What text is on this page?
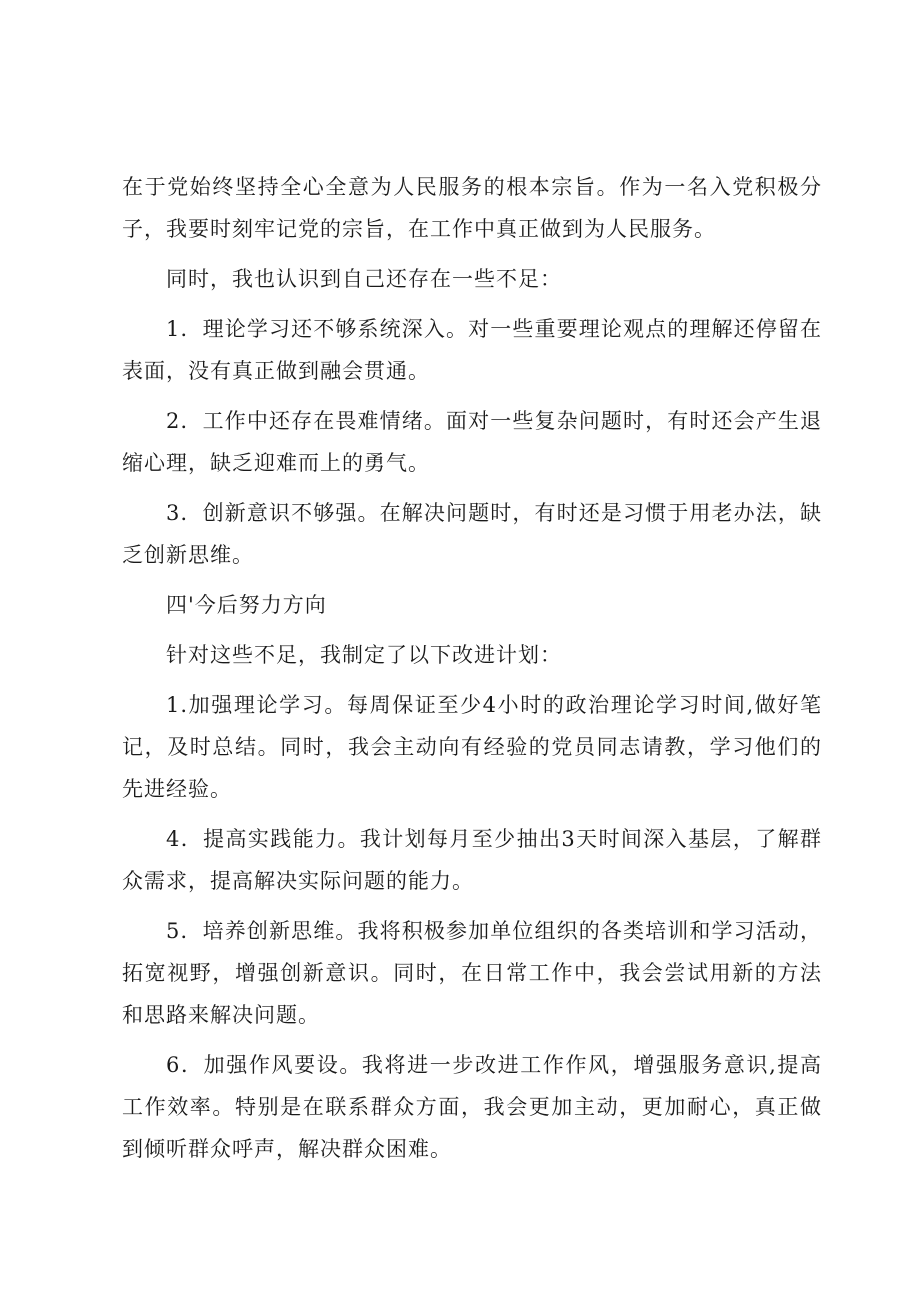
在于党始终坚持全心全意为人民服务的根本宗旨。作为一名入党积极分子，我要时刻牢记党的宗旨，在工作中真正做到为人民服务。

同时，我也认识到自己还存在一些不足：

1．理论学习还不够系统深入。对一些重要理论观点的理解还停留在表面，没有真正做到融会贯通。

2．工作中还存在畏难情绪。面对一些复杂问题时，有时还会产生退缩心理，缺乏迎难而上的勇气。

3．创新意识不够强。在解决问题时，有时还是习惯于用老办法，缺乏创新思维。

四'今后努力方向

针对这些不足，我制定了以下改进计划：

1.加强理论学习。每周保证至少4小时的政治理论学习时间,做好笔记，及时总结。同时，我会主动向有经验的党员同志请教，学习他们的先进经验。

4．提高实践能力。我计划每月至少抽出3天时间深入基层，了解群众需求，提高解决实际问题的能力。

5．培养创新思维。我将积极参加单位组织的各类培训和学习活动，拓宽视野，增强创新意识。同时，在日常工作中，我会尝试用新的方法和思路来解决问题。

6．加强作风要设。我将进一步改进工作作风，增强服务意识,提高工作效率。特别是在联系群众方面，我会更加主动，更加耐心，真正做到倾听群众呼声，解决群众困难。
